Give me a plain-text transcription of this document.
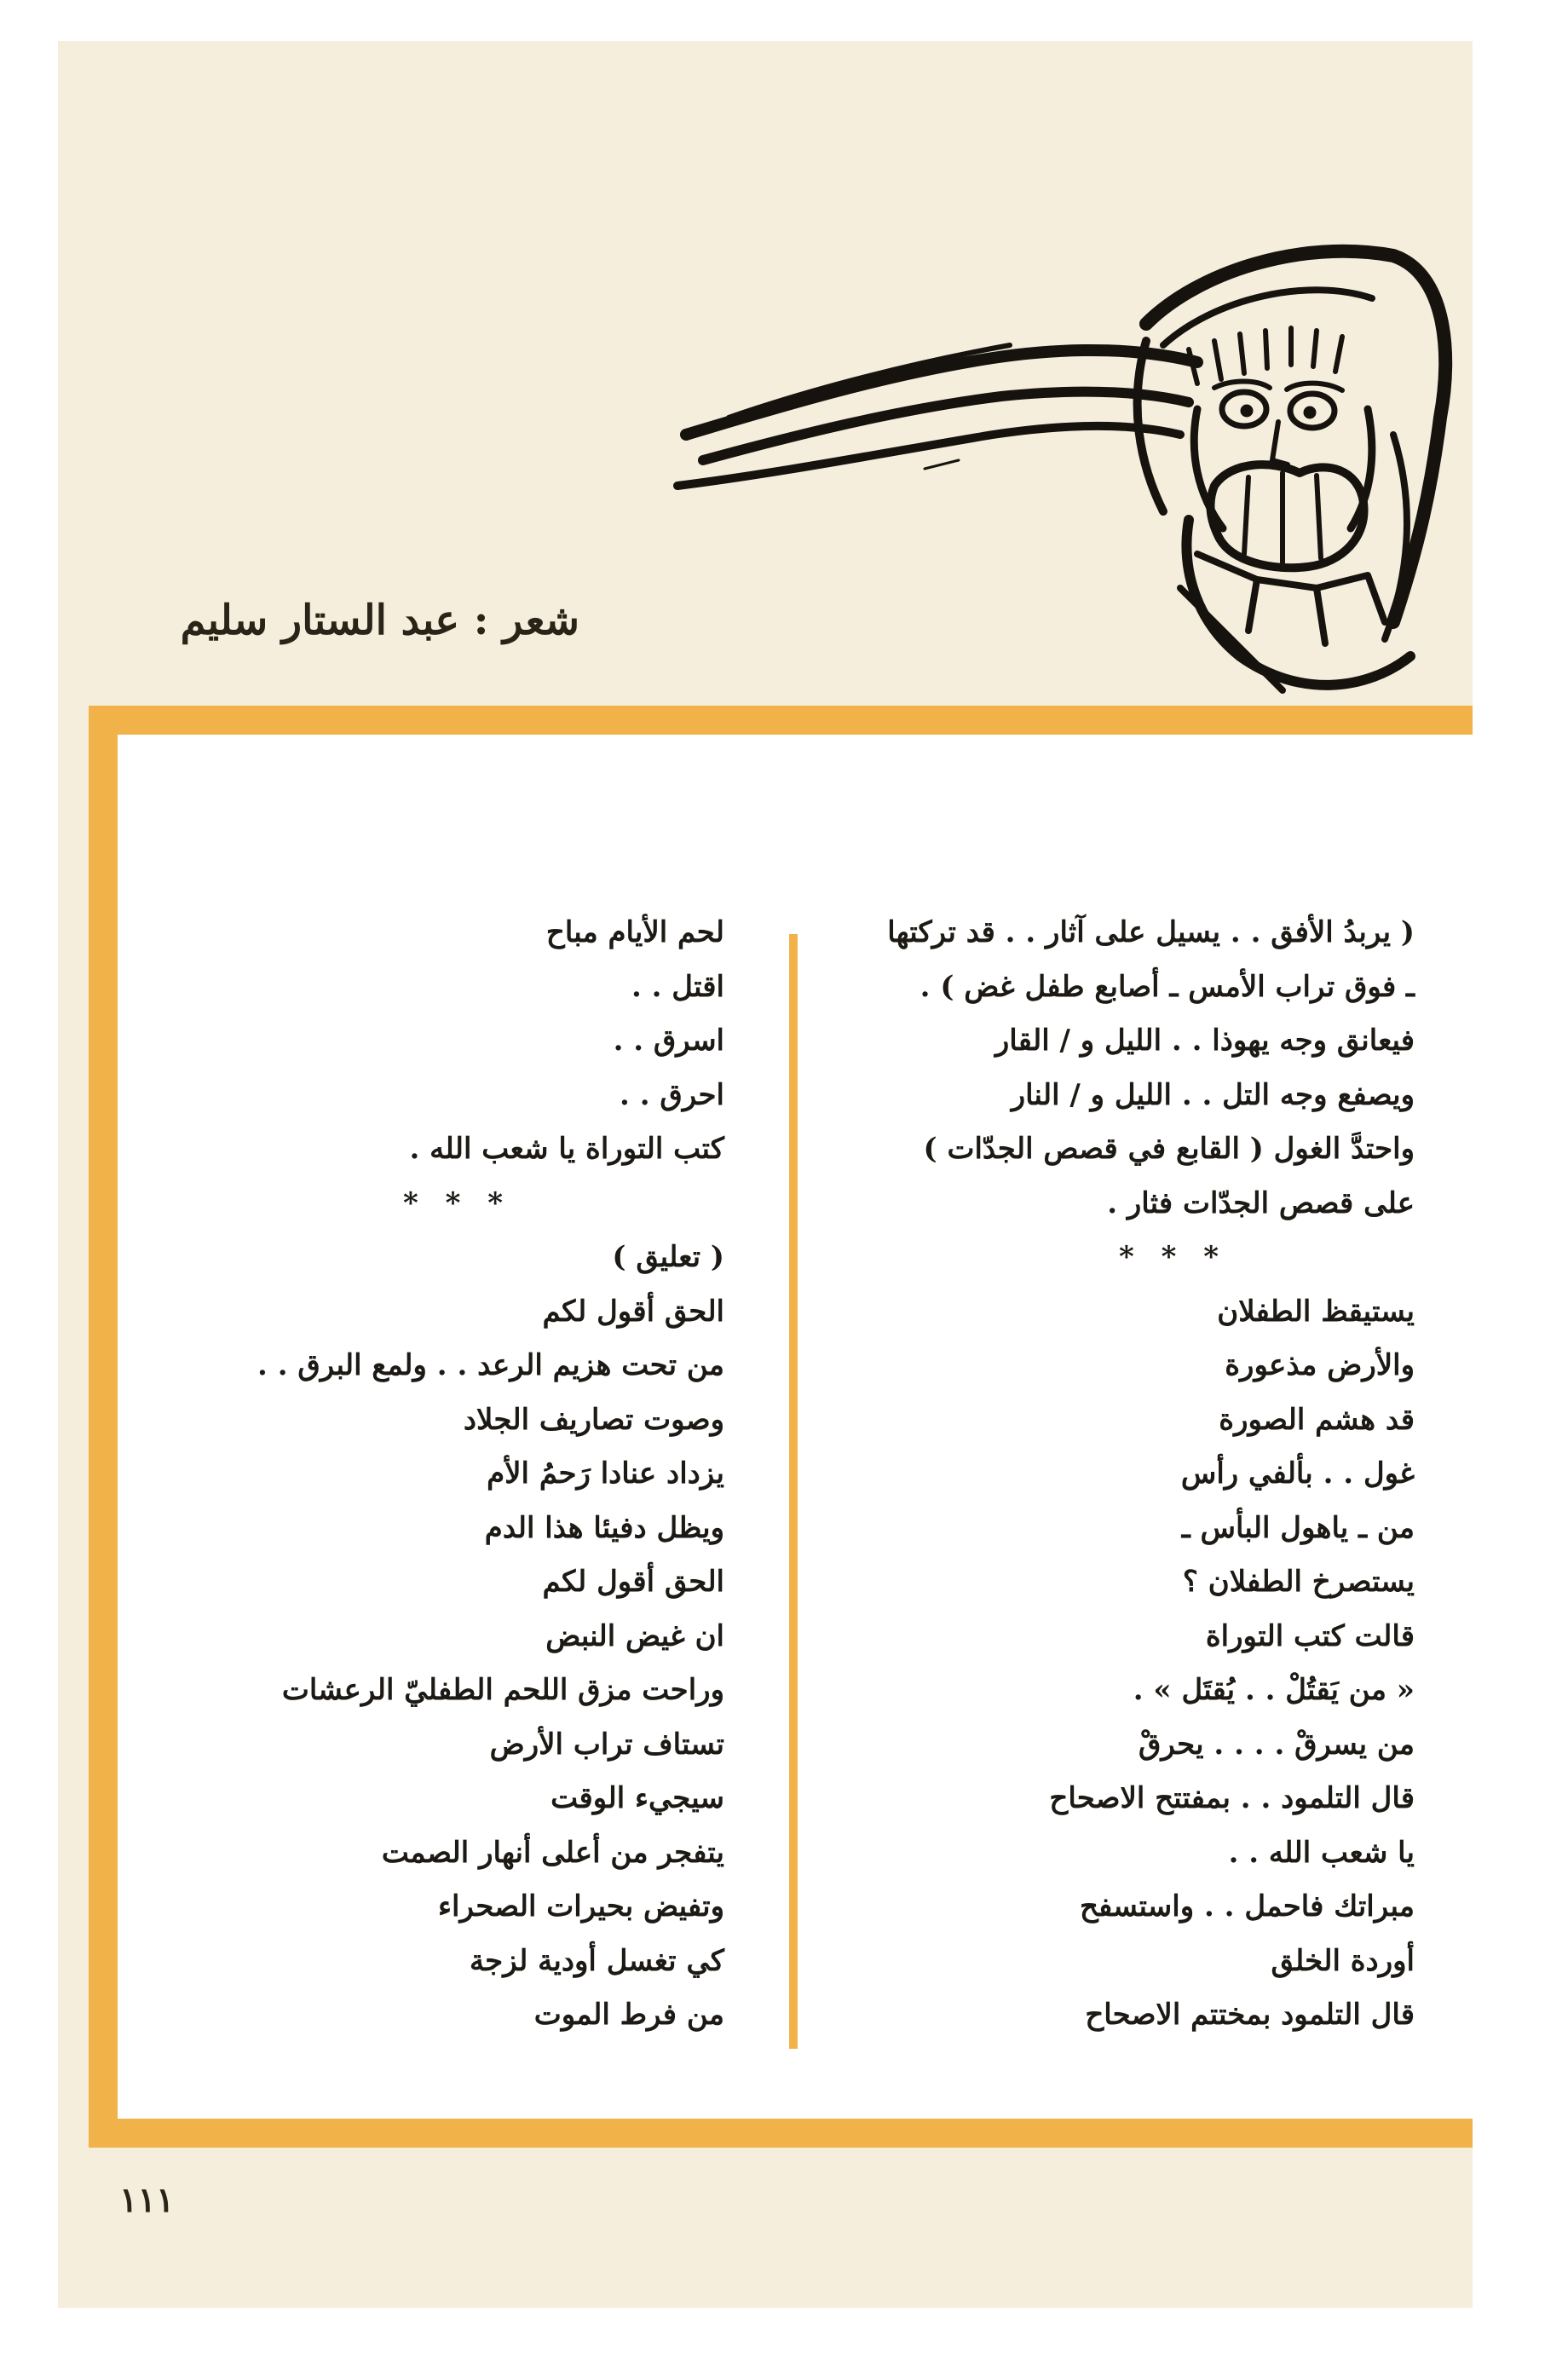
شعر : عبد الستار سليم
( يربدُ الأفق . . يسيل على آثار . . قد تركتها
ـ فوق تراب الأمس ـ أصابع طفل غض ) .
فيعانق وجه يهوذا . . الليل و / القار
ويصفع وجه التل . . الليل و / النار
واحتدَّ الغول ( القابع في قصص الجدّات )
على قصص الجدّات فثار .
* * *
يستيقظ الطفلان
والأرض مذعورة
قد هشم الصورة
غول . . بألفي رأس
من ـ ياهول البأس ـ
يستصرخ الطفلان ؟
قالت كتب التوراة
« من يَقتُلْ . . يُقتَل » .
من يسرقْ . . . . يحرقْ
قال التلمود . . بمفتتح الاصحاح
يا شعب الله . .
مبراتك فاحمل . . واستسفح
أوردة الخلق
قال التلمود بمختتم الاصحاح
لحم الأيام مباح
اقتل . .
اسرق . .
احرق . .
كتب التوراة يا شعب الله .
* * *
( تعليق )
الحق أقول لكم
من تحت هزيم الرعد . . ولمع البرق . .
وصوت تصاريف الجلاد
يزداد عنادا رَحمُ الأم
ويظل دفيئا هذا الدم
الحق أقول لكم
ان غيض النبض
وراحت مزق اللحم الطفليّ الرعشات
تستاف تراب الأرض
سيجيء الوقت
يتفجر من أعلى أنهار الصمت
وتفيض بحيرات الصحراء
كي تغسل أودية لزجة
من فرط الموت
١١١
